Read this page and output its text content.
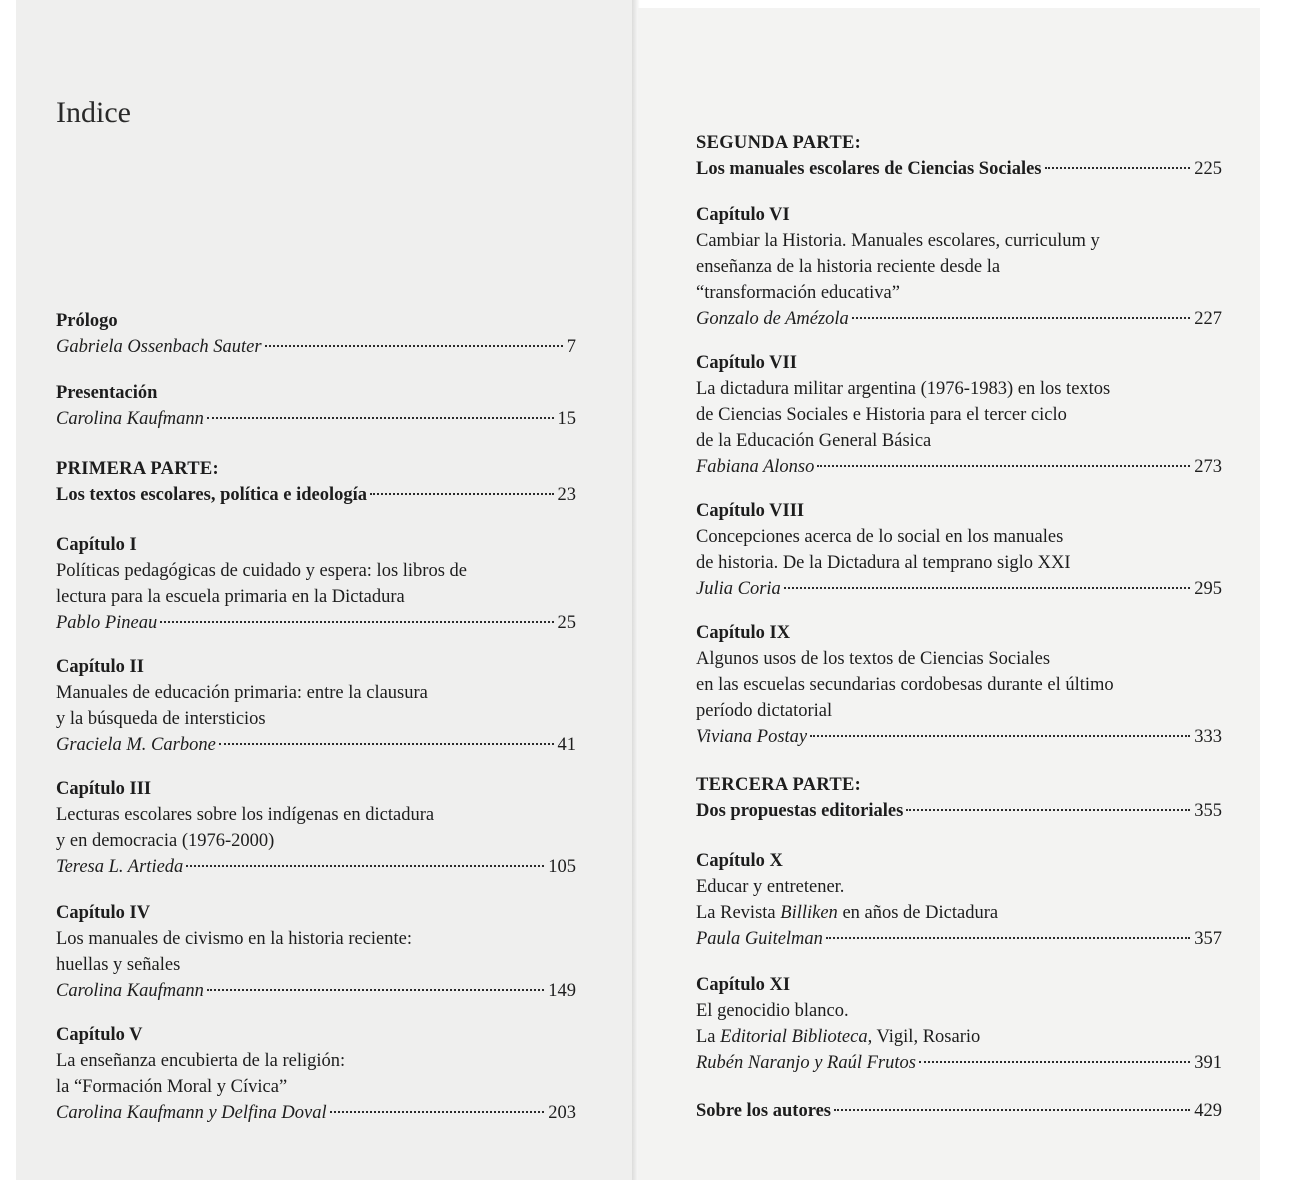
Indice
Prólogo
Gabriela Ossenbach Sauter	7
Presentación
Carolina Kaufmann	15
PRIMERA PARTE:
Los textos escolares, política e ideología	23
Capítulo I
Políticas pedagógicas de cuidado y espera: los libros de
lectura para la escuela primaria en la Dictadura
Pablo Pineau	25
Capítulo II
Manuales de educación primaria: entre la clausura
y la búsqueda de intersticios
Graciela M. Carbone	41
Capítulo III
Lecturas escolares sobre los indígenas en dictadura
y en democracia (1976-2000)
Teresa L. Artieda	105
Capítulo IV
Los manuales de civismo en la historia reciente:
huellas y señales
Carolina Kaufmann	149
Capítulo V
La enseñanza encubierta de la religión:
la “Formación Moral y Cívica”
Carolina Kaufmann y Delfina Doval	203
SEGUNDA PARTE:
Los manuales escolares de Ciencias Sociales	225
Capítulo VI
Cambiar la Historia. Manuales escolares, curriculum y
enseñanza de la historia reciente desde la
“transformación educativa”
Gonzalo de Amézola	227
Capítulo VII
La dictadura militar argentina (1976-1983) en los textos
de Ciencias Sociales e Historia para el tercer ciclo
de la Educación General Básica
Fabiana Alonso	273
Capítulo VIII
Concepciones acerca de lo social en los manuales
de historia. De la Dictadura al temprano siglo XXI
Julia Coria	295
Capítulo IX
Algunos usos de los textos de Ciencias Sociales
en las escuelas secundarias cordobesas durante el último
período dictatorial
Viviana Postay	333
TERCERA PARTE:
Dos propuestas editoriales	355
Capítulo X
Educar y entretener.
La Revista Billiken en años de Dictadura
Paula Guitelman	357
Capítulo XI
El genocidio blanco.
La Editorial Biblioteca, Vigil, Rosario
Rubén Naranjo y Raúl Frutos	391
Sobre los autores	429
